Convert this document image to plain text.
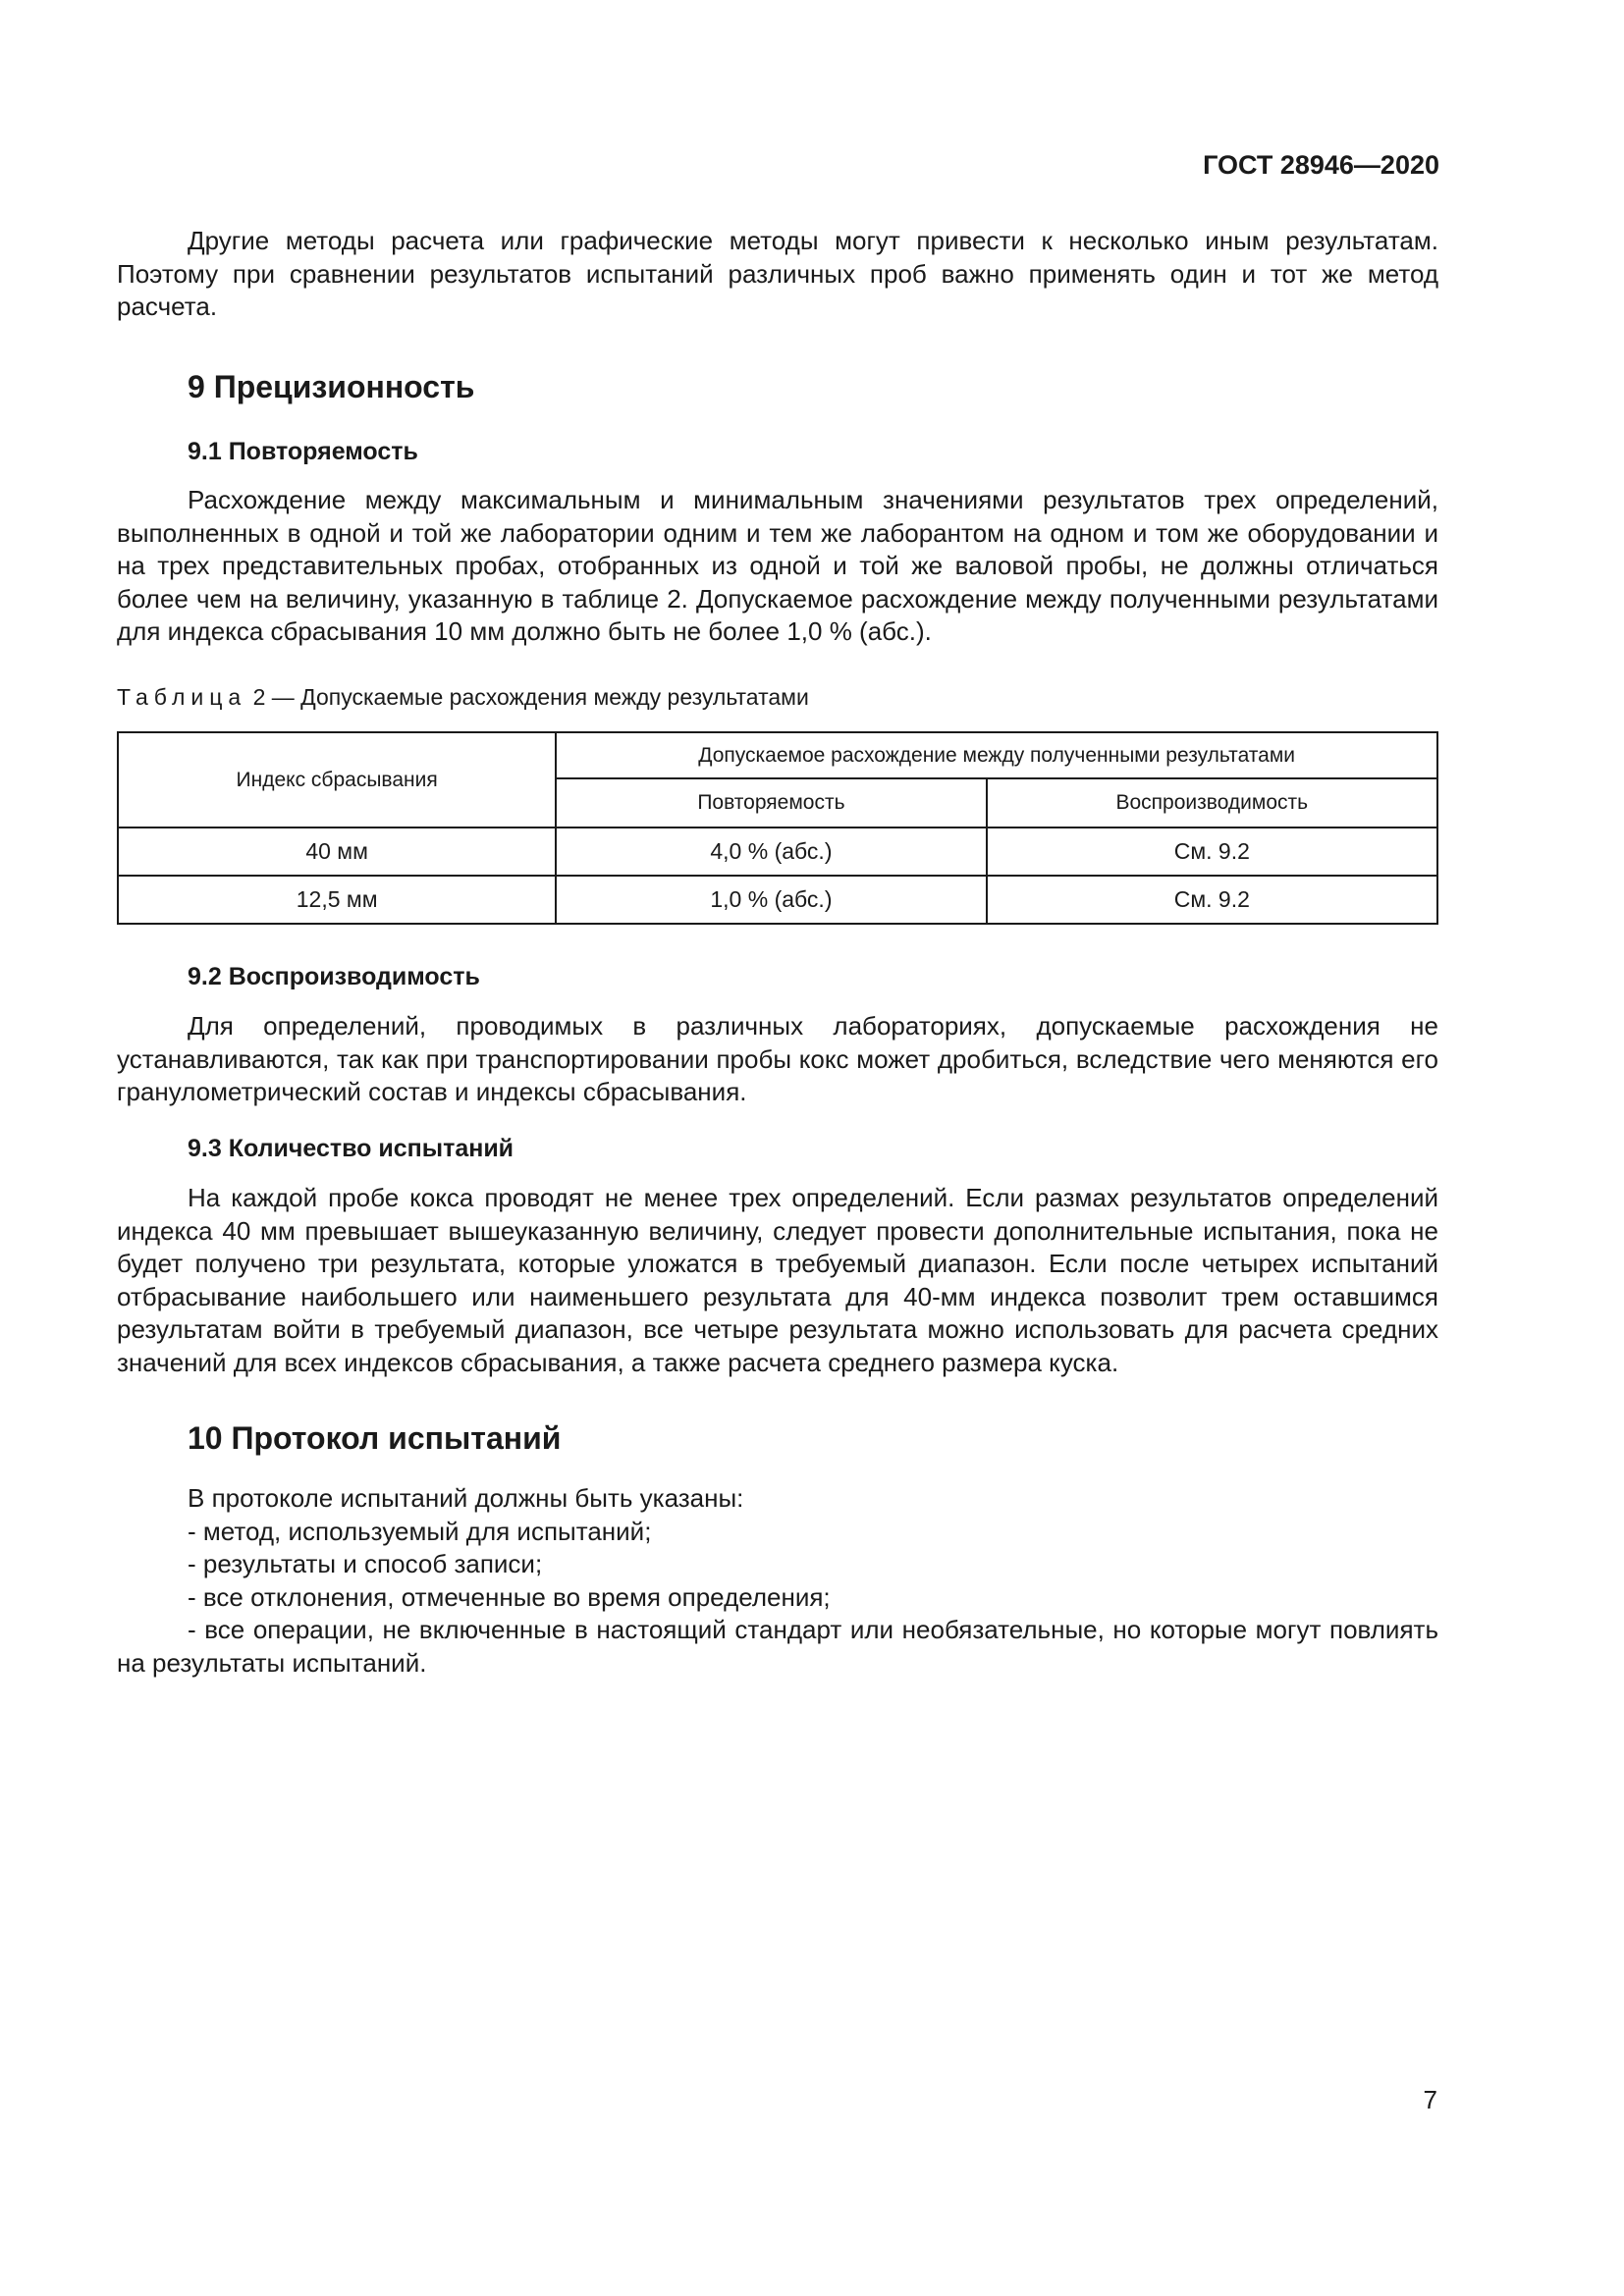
ГОСТ 28946—2020

Другие методы расчета или графические методы могут привести к несколько иным результатам. Поэтому при сравнении результатов испытаний различных проб важно применять один и тот же метод расчета.

9 Прецизионность
9.1 Повторяемость

Расхождение между максимальным и минимальным значениями результатов трех определений, выполненных в одной и той же лаборатории одним и тем же лаборантом на одном и том же оборудовании и на трех представительных пробах, отобранных из одной и той же валовой пробы, не должны отличаться более чем на величину, указанную в таблице 2. Допускаемое расхождение между полученными результатами для индекса сбрасывания 10 мм должно быть не более 1,0 % (абс.).

Таблица 2 — Допускаемые расхождения между результатами
Индекс сбрасывания	Допускаемое расхождение между полученными результатами	
	Повторяемость	Воспроизводимость
40 мм	4,0 % (абс.)	См. 9.2
12,5 мм	1,0 % (абс.)	См. 9.2
9.2 Воспроизводимость

Для определений, проводимых в различных лабораториях, допускаемые расхождения не устанавливаются, так как при транспортировании пробы кокс может дробиться, вследствие чего меняются его гранулометрический состав и индексы сбрасывания.

9.3 Количество испытаний

На каждой пробе кокса проводят не менее трех определений. Если размах результатов определений индекса 40 мм превышает вышеуказанную величину, следует провести дополнительные испытания, пока не будет получено три результата, которые уложатся в требуемый диапазон. Если после четырех испытаний отбрасывание наибольшего или наименьшего результата для 40-мм индекса позволит трем оставшимся результатам войти в требуемый диапазон, все четыре результата можно использовать для расчета средних значений для всех индексов сбрасывания, а также расчета среднего размера куска.

10 Протокол испытаний

В протоколе испытаний должны быть указаны:

- метод, используемый для испытаний;

- результаты и способ записи;

- все отклонения, отмеченные во время определения;

- все операции, не включенные в настоящий стандарт или необязательные, но которые могут повлиять на результаты испытаний.

7
